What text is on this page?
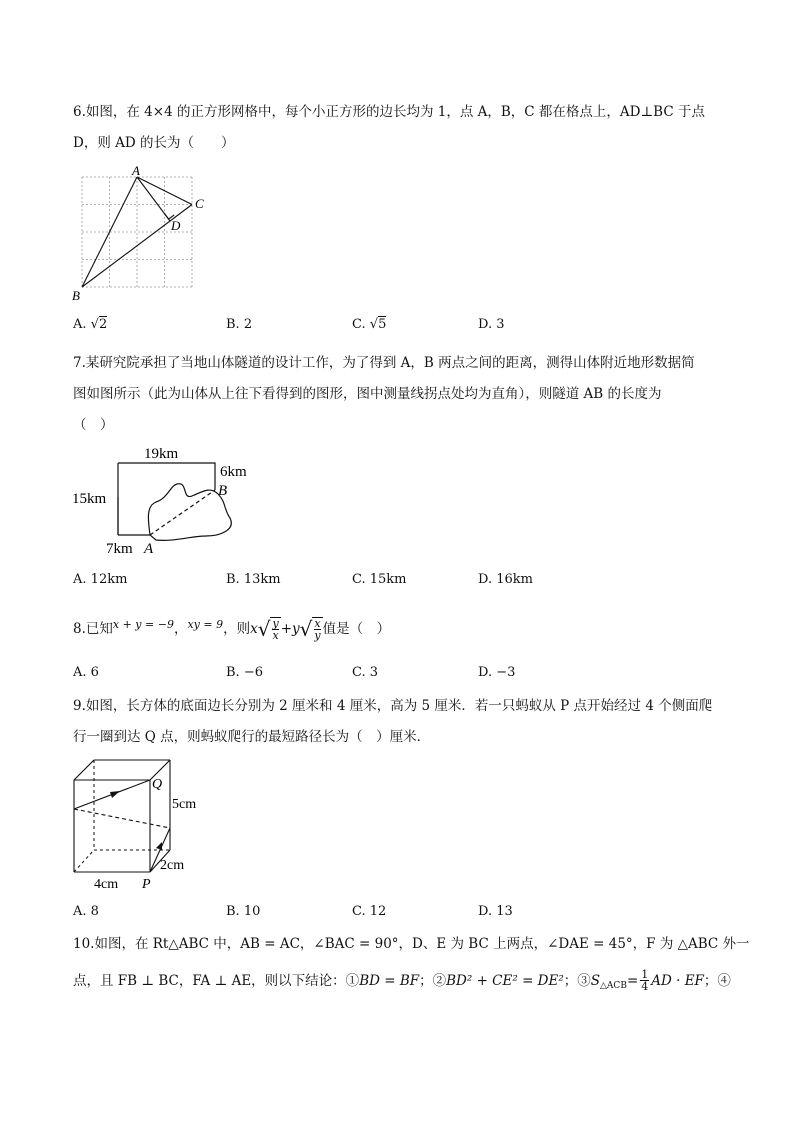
6.如图，在 4×4 的正方形网格中，每个小正方形的边长均为 1，点 A，B，C 都在格点上，AD⊥BC 于点
D，则 AD 的长为（　　）
A
B
C
D
A. √2	B. 2	C. √5	D. 3
7.某研究院承担了当地山体隧道的设计工作，为了得到 A，B 两点之间的距离，测得山体附近地形数据简
图如图所示（此为山体从上往下看得到的图形，图中测量线拐点处均为直角），则隧道 AB 的长度为
（　）
19km
6km
15km
7km
B
A
A. 12km	B. 13km	C. 15km	D. 16km
8.已知 x + y = −9 ， xy = 9 ，则 x √ y
x + y √ x
y 值是（　）
A. 6	B. −6	C. 3	D. −3
9.如图，长方体的底面边长分别为 2 厘米和 4 厘米，高为 5 厘米．若一只蚂蚁从 P 点开始经过 4 个侧面爬
行一圈到达 Q 点，则蚂蚁爬行的最短路径长为（　）厘米．
Q
5cm
2cm
4cm P
A. 8	B. 10	C. 12	D. 13
10.如图，在 Rt△ABC 中，AB = AC，∠BAC = 90°，D、E 为 BC 上两点，∠DAE = 45°，F 为 △ABC 外一
点，且 FB ⊥ BC，FA ⊥ AE，则以下结论：① BD = BF ；② BD² + CE² = DE² ；③ S △ACB = $\frac{1}{4}$ AD · EF ；④
